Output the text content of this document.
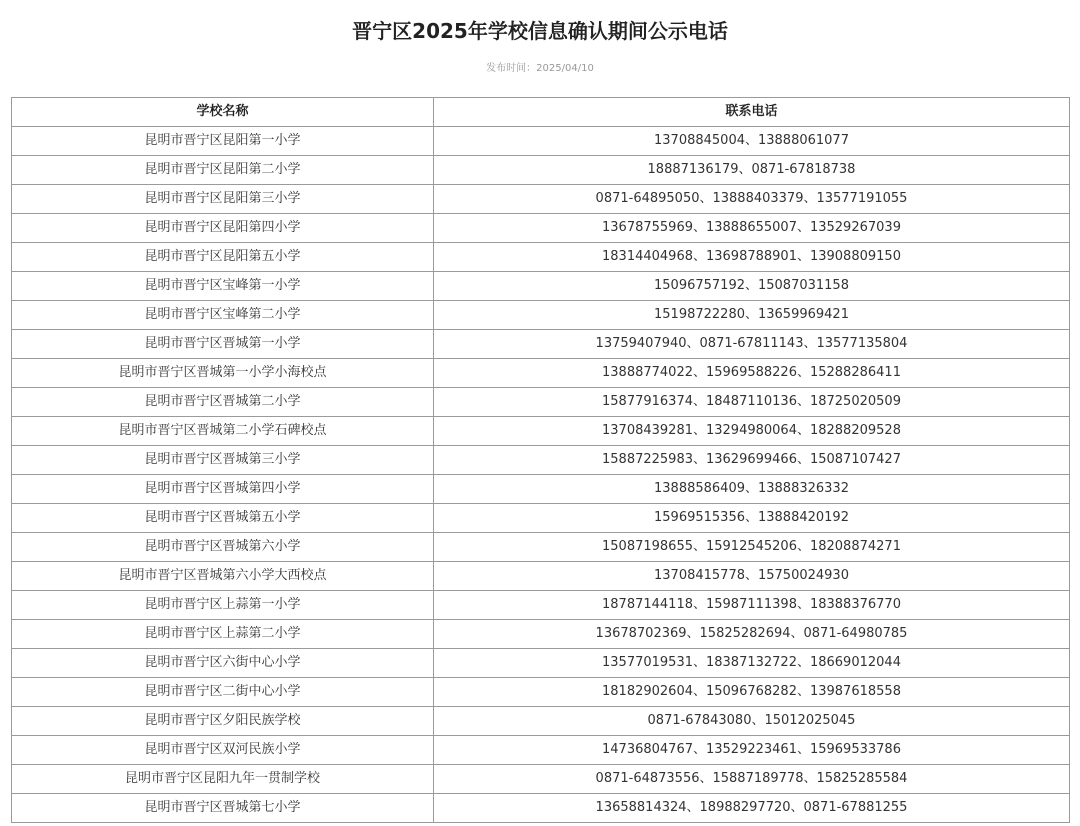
晋宁区2025年学校信息确认期间公示电话
发布时间：2025/04/10
学校名称	联系电话
昆明市晋宁区昆阳第一小学	13708845004、13888061077
昆明市晋宁区昆阳第二小学	18887136179、0871-67818738
昆明市晋宁区昆阳第三小学	0871-64895050、13888403379、13577191055
昆明市晋宁区昆阳第四小学	13678755969、13888655007、13529267039
昆明市晋宁区昆阳第五小学	18314404968、13698788901、13908809150
昆明市晋宁区宝峰第一小学	15096757192、15087031158
昆明市晋宁区宝峰第二小学	15198722280、13659969421
昆明市晋宁区晋城第一小学	13759407940、0871-67811143、13577135804
昆明市晋宁区晋城第一小学小海校点	13888774022、15969588226、15288286411
昆明市晋宁区晋城第二小学	15877916374、18487110136、18725020509
昆明市晋宁区晋城第二小学石碑校点	13708439281、13294980064、18288209528
昆明市晋宁区晋城第三小学	15887225983、13629699466、15087107427
昆明市晋宁区晋城第四小学	13888586409、13888326332
昆明市晋宁区晋城第五小学	15969515356、13888420192
昆明市晋宁区晋城第六小学	15087198655、15912545206、18208874271
昆明市晋宁区晋城第六小学大西校点	13708415778、15750024930
昆明市晋宁区上蒜第一小学	18787144118、15987111398、18388376770
昆明市晋宁区上蒜第二小学	13678702369、15825282694、0871-64980785
昆明市晋宁区六街中心小学	13577019531、18387132722、18669012044
昆明市晋宁区二街中心小学	18182902604、15096768282、13987618558
昆明市晋宁区夕阳民族学校	0871-67843080、15012025045
昆明市晋宁区双河民族小学	14736804767、13529223461、15969533786
昆明市晋宁区昆阳九年一贯制学校	0871-64873556、15887189778、15825285584
昆明市晋宁区晋城第七小学	13658814324、18988297720、0871-67881255
